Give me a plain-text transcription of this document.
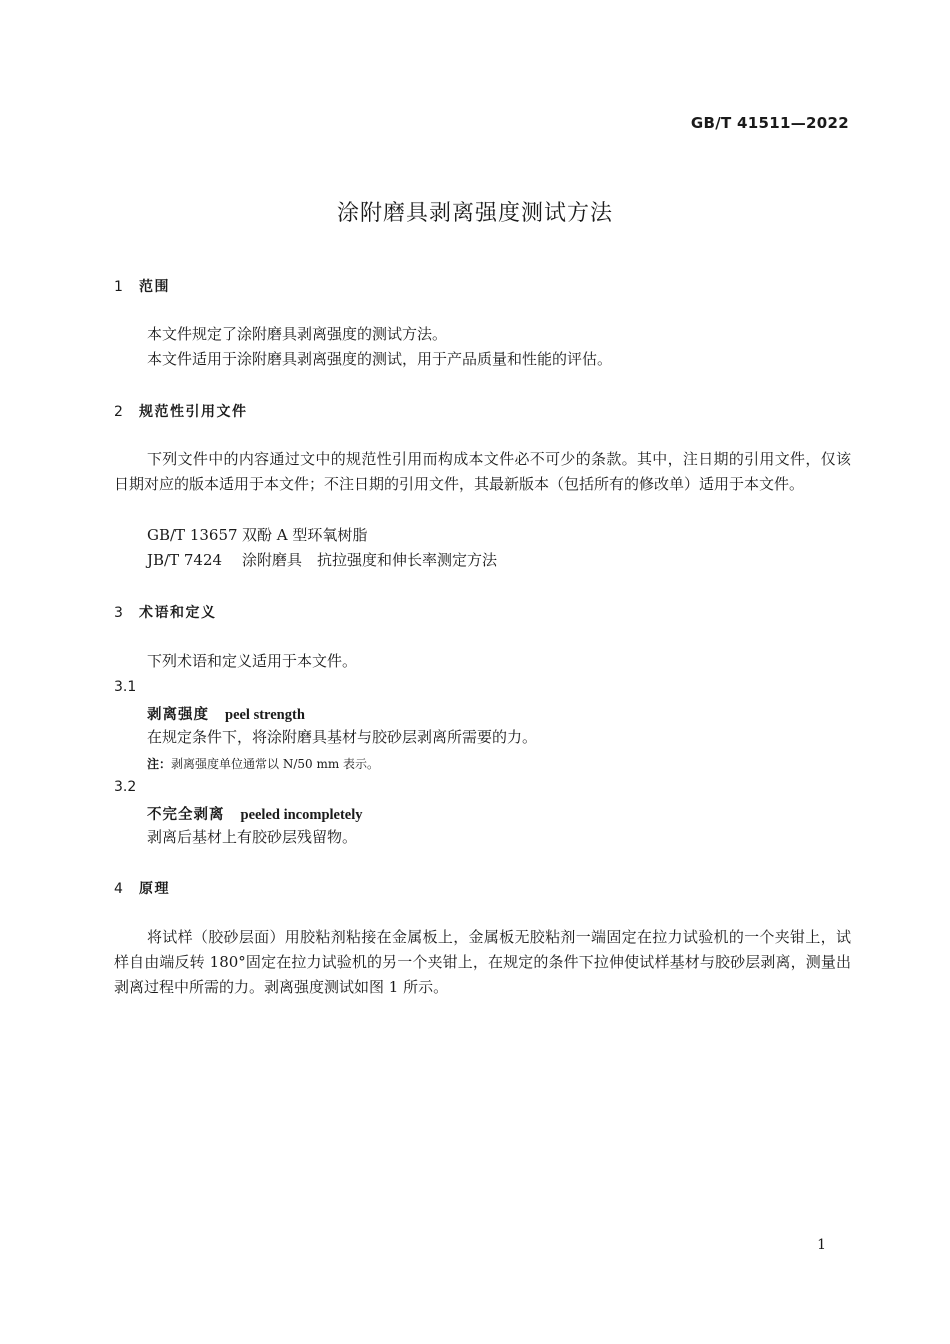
GB/T 41511—2022
涂附磨具剥离强度测试方法
1 范围
本文件规定了涂附磨具剥离强度的测试方法。
本文件适用于涂附磨具剥离强度的测试，用于产品质量和性能的评估。
2 规范性引用文件
下列文件中的内容通过文中的规范性引用而构成本文件必不可少的条款。其中，注日期的引用文件，仅该日期对应的版本适用于本文件；不注日期的引用文件，其最新版本（包括所有的修改单）适用于本文件。
GB/T 13657 双酚 A 型环氧树脂
JB/T 7424 涂附磨具　抗拉强度和伸长率测定方法
3 术语和定义
下列术语和定义适用于本文件。
3.1
剥离强度 peel strength
在规定条件下，将涂附磨具基材与胶砂层剥离所需要的力。
注：剥离强度单位通常以 N/50 mm 表示。
3.2
不完全剥离 peeled incompletely
剥离后基材上有胶砂层残留物。
4 原理
将试样（胶砂层面）用胶粘剂粘接在金属板上，金属板无胶粘剂一端固定在拉力试验机的一个夹钳上，试样自由端反转 180°固定在拉力试验机的另一个夹钳上，在规定的条件下拉伸使试样基材与胶砂层剥离，测量出剥离过程中所需的力。剥离强度测试如图 1 所示。
1
